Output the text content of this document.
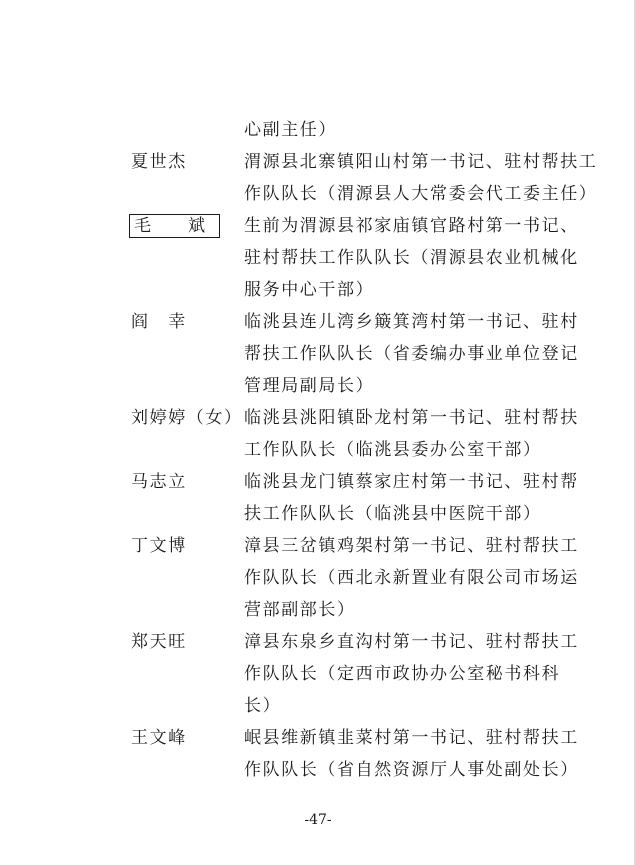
心副主任）
夏世杰	渭源县北寨镇阳山村第一书记、驻村帮扶工
作队队长（渭源县人大常委会代工委主任）
毛　斌 生前为渭源县祁家庙镇官路村第一书记、
驻村帮扶工作队队长（渭源县农业机械化
服务中心干部）
阎　幸	临洮县连儿湾乡簸箕湾村第一书记、驻村
帮扶工作队队长（省委编办事业单位登记
管理局副局长）
刘婷婷（女） 临洮县洮阳镇卧龙村第一书记、驻村帮扶
工作队队长（临洮县委办公室干部）
马志立	临洮县龙门镇蔡家庄村第一书记、驻村帮
扶工作队队长（临洮县中医院干部）
丁文博	漳县三岔镇鸡架村第一书记、驻村帮扶工
作队队长（西北永新置业有限公司市场运
营部副部长）
郑天旺	漳县东泉乡直沟村第一书记、驻村帮扶工
作队队长（定西市政协办公室秘书科科
长）
王文峰	岷县维新镇韭菜村第一书记、驻村帮扶工
作队队长（省自然资源厅人事处副处长）
-47-
